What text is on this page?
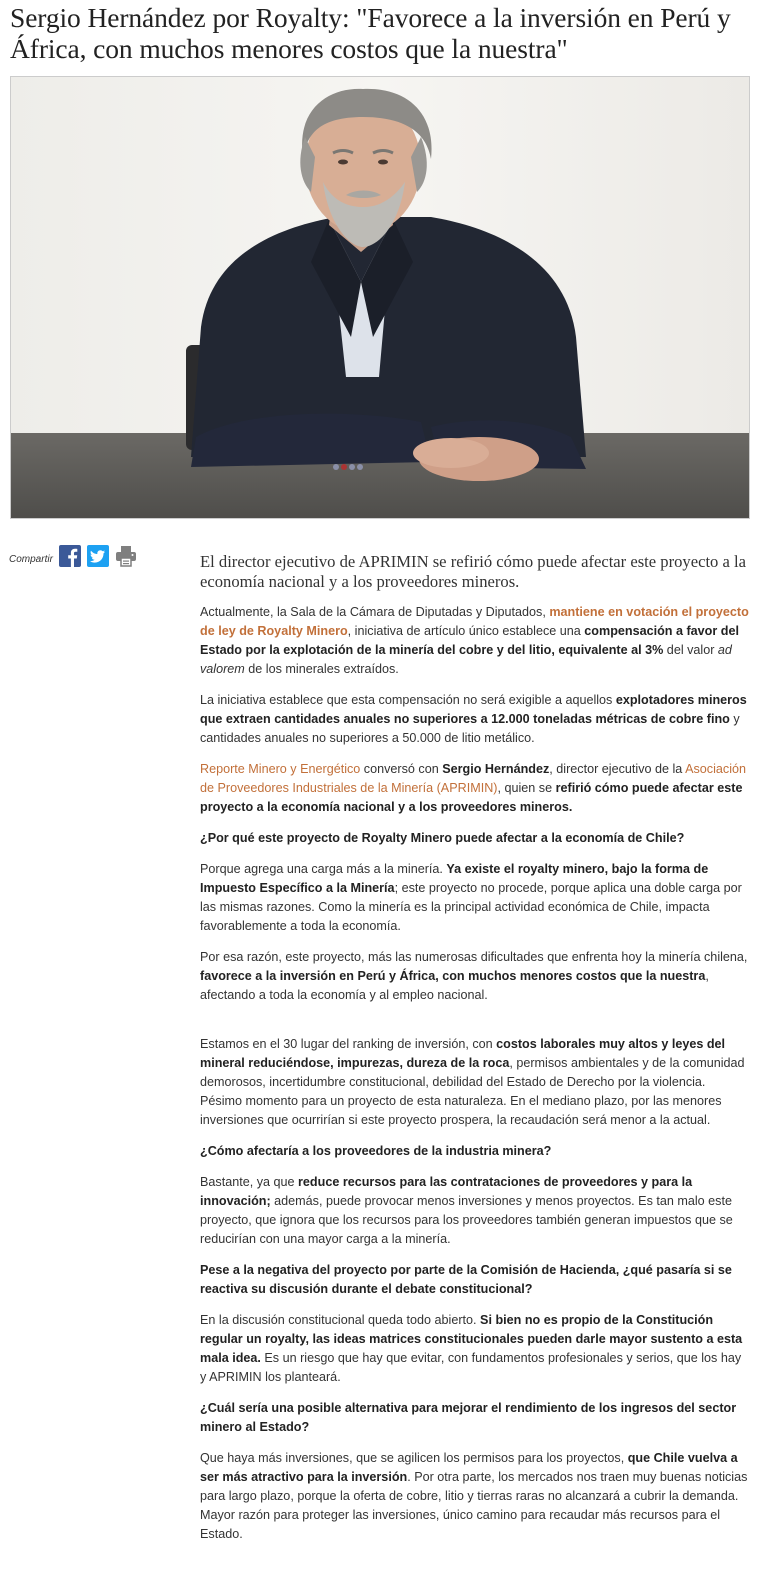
Sergio Hernández por Royalty: "Favorece a la inversión en Perú y África, con muchos menores costos que la nuestra"
Compartir	El director ejecutivo de APRIMIN se refirió cómo puede afectar este proyecto a la economía nacional y a los proveedores mineros.

Actualmente, la Sala de la Cámara de Diputadas y Diputados, mantiene en votación el proyecto de ley de Royalty Minero, iniciativa de artículo único establece una compensación a favor del Estado por la explotación de la minería del cobre y del litio, equivalente al 3% del valor ad valorem de los minerales extraídos.

La iniciativa establece que esta compensación no será exigible a aquellos explotadores mineros que extraen cantidades anuales no superiores a 12.000 toneladas métricas de cobre fino y cantidades anuales no superiores a 50.000 de litio metálico.

Reporte Minero y Energético conversó con Sergio Hernández, director ejecutivo de la Asociación de Proveedores Industriales de la Minería (APRIMIN), quien se refirió cómo puede afectar este proyecto a la economía nacional y a los proveedores mineros.

¿Por qué este proyecto de Royalty Minero puede afectar a la economía de Chile?

Porque agrega una carga más a la minería. Ya existe el royalty minero, bajo la forma de Impuesto Específico a la Minería; este proyecto no procede, porque aplica una doble carga por las mismas razones. Como la minería es la principal actividad económica de Chile, impacta favorablemente a toda la economía.

Por esa razón, este proyecto, más las numerosas dificultades que enfrenta hoy la minería chilena, favorece a la inversión en Perú y África, con muchos menores costos que la nuestra, afectando a toda la economía y al empleo nacional.

Estamos en el 30 lugar del ranking de inversión, con costos laborales muy altos y leyes del mineral reduciéndose, impurezas, dureza de la roca, permisos ambientales y de la comunidad demorosos, incertidumbre constitucional, debilidad del Estado de Derecho por la violencia. Pésimo momento para un proyecto de esta naturaleza. En el mediano plazo, por las menores inversiones que ocurrirían si este proyecto prospera, la recaudación será menor a la actual.

¿Cómo afectaría a los proveedores de la industria minera?

Bastante, ya que reduce recursos para las contrataciones de proveedores y para la innovación; además, puede provocar menos inversiones y menos proyectos. Es tan malo este proyecto, que ignora que los recursos para los proveedores también generan impuestos que se reducirían con una mayor carga a la minería.

Pese a la negativa del proyecto por parte de la Comisión de Hacienda, ¿qué pasaría si se reactiva su discusión durante el debate constitucional?

En la discusión constitucional queda todo abierto. Si bien no es propio de la Constitución regular un royalty, las ideas matrices constitucionales pueden darle mayor sustento a esta mala idea. Es un riesgo que hay que evitar, con fundamentos profesionales y serios, que los hay y APRIMIN los planteará.

¿Cuál sería una posible alternativa para mejorar el rendimiento de los ingresos del sector minero al Estado?

Que haya más inversiones, que se agilicen los permisos para los proyectos, que Chile vuelva a ser más atractivo para la inversión. Por otra parte, los mercados nos traen muy buenas noticias para largo plazo, porque la oferta de cobre, litio y tierras raras no alcanzará a cubrir la demanda. Mayor razón para proteger las inversiones, único camino para recaudar más recursos para el Estado.
